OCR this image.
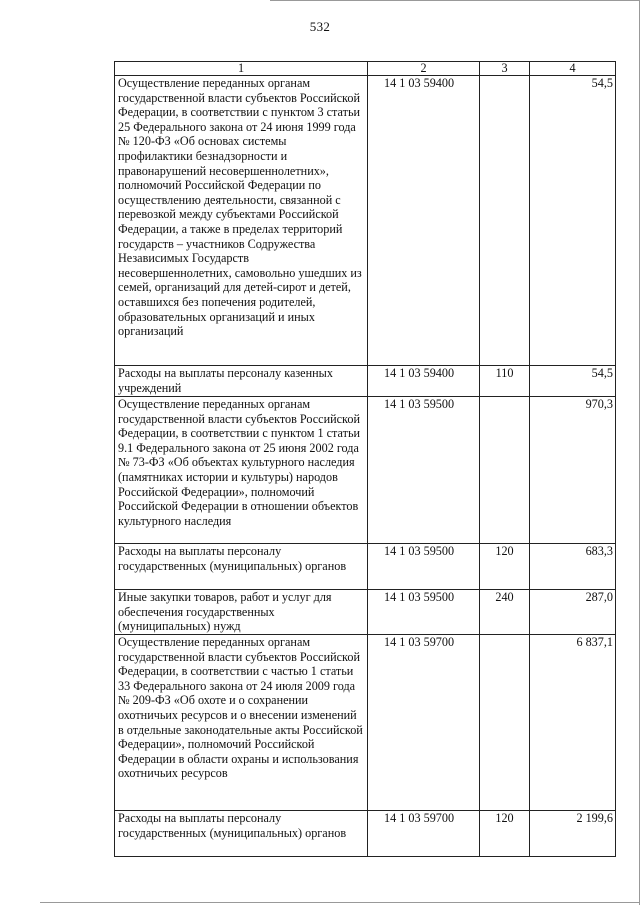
532
1	2	3	4
Осуществление переданных органам государственной власти субъектов Российской Федерации, в соответствии с пунктом 3 статьи 25 Федерального закона от 24 июня 1999 года № 120-ФЗ «Об основах системы профилактики безнадзорности и правонарушений несовершеннолетних», полномочий Российской Федерации по осуществлению деятельности, связанной с перевозкой между субъектами Российской Федерации, а также в пределах территорий государств – участников Содружества Независимых Государств несовершеннолетних, самовольно ушедших из семей, организаций для детей-сирот и детей, оставшихся без попечения родителей, образовательных организаций и иных организаций	14 1 03 59400		54,5
Расходы на выплаты персоналу казенных учреждений	14 1 03 59400	110	54,5
Осуществление переданных органам государственной власти субъектов Российской Федерации, в соответствии с пунктом 1 статьи 9.1 Федерального закона от 25 июня 2002 года № 73-ФЗ «Об объектах культурного наследия (памятниках истории и культуры) народов Российской Федерации», полномочий Российской Федерации в отношении объектов культурного наследия	14 1 03 59500		970,3
Расходы на выплаты персоналу государственных (муниципальных) органов	14 1 03 59500	120	683,3
Иные закупки товаров, работ и услуг для обеспечения государственных (муниципальных) нужд	14 1 03 59500	240	287,0
Осуществление переданных органам государственной власти субъектов Российской Федерации, в соответствии с частью 1 статьи 33 Федерального закона от 24 июля 2009 года № 209-ФЗ «Об охоте и о сохранении охотничьих ресурсов и о внесении изменений в отдельные законодательные акты Российской Федерации», полномочий Российской Федерации в области охраны и использования охотничьих ресурсов	14 1 03 59700		6 837,1
Расходы на выплаты персоналу государственных (муниципальных) органов	14 1 03 59700	120	2 199,6
